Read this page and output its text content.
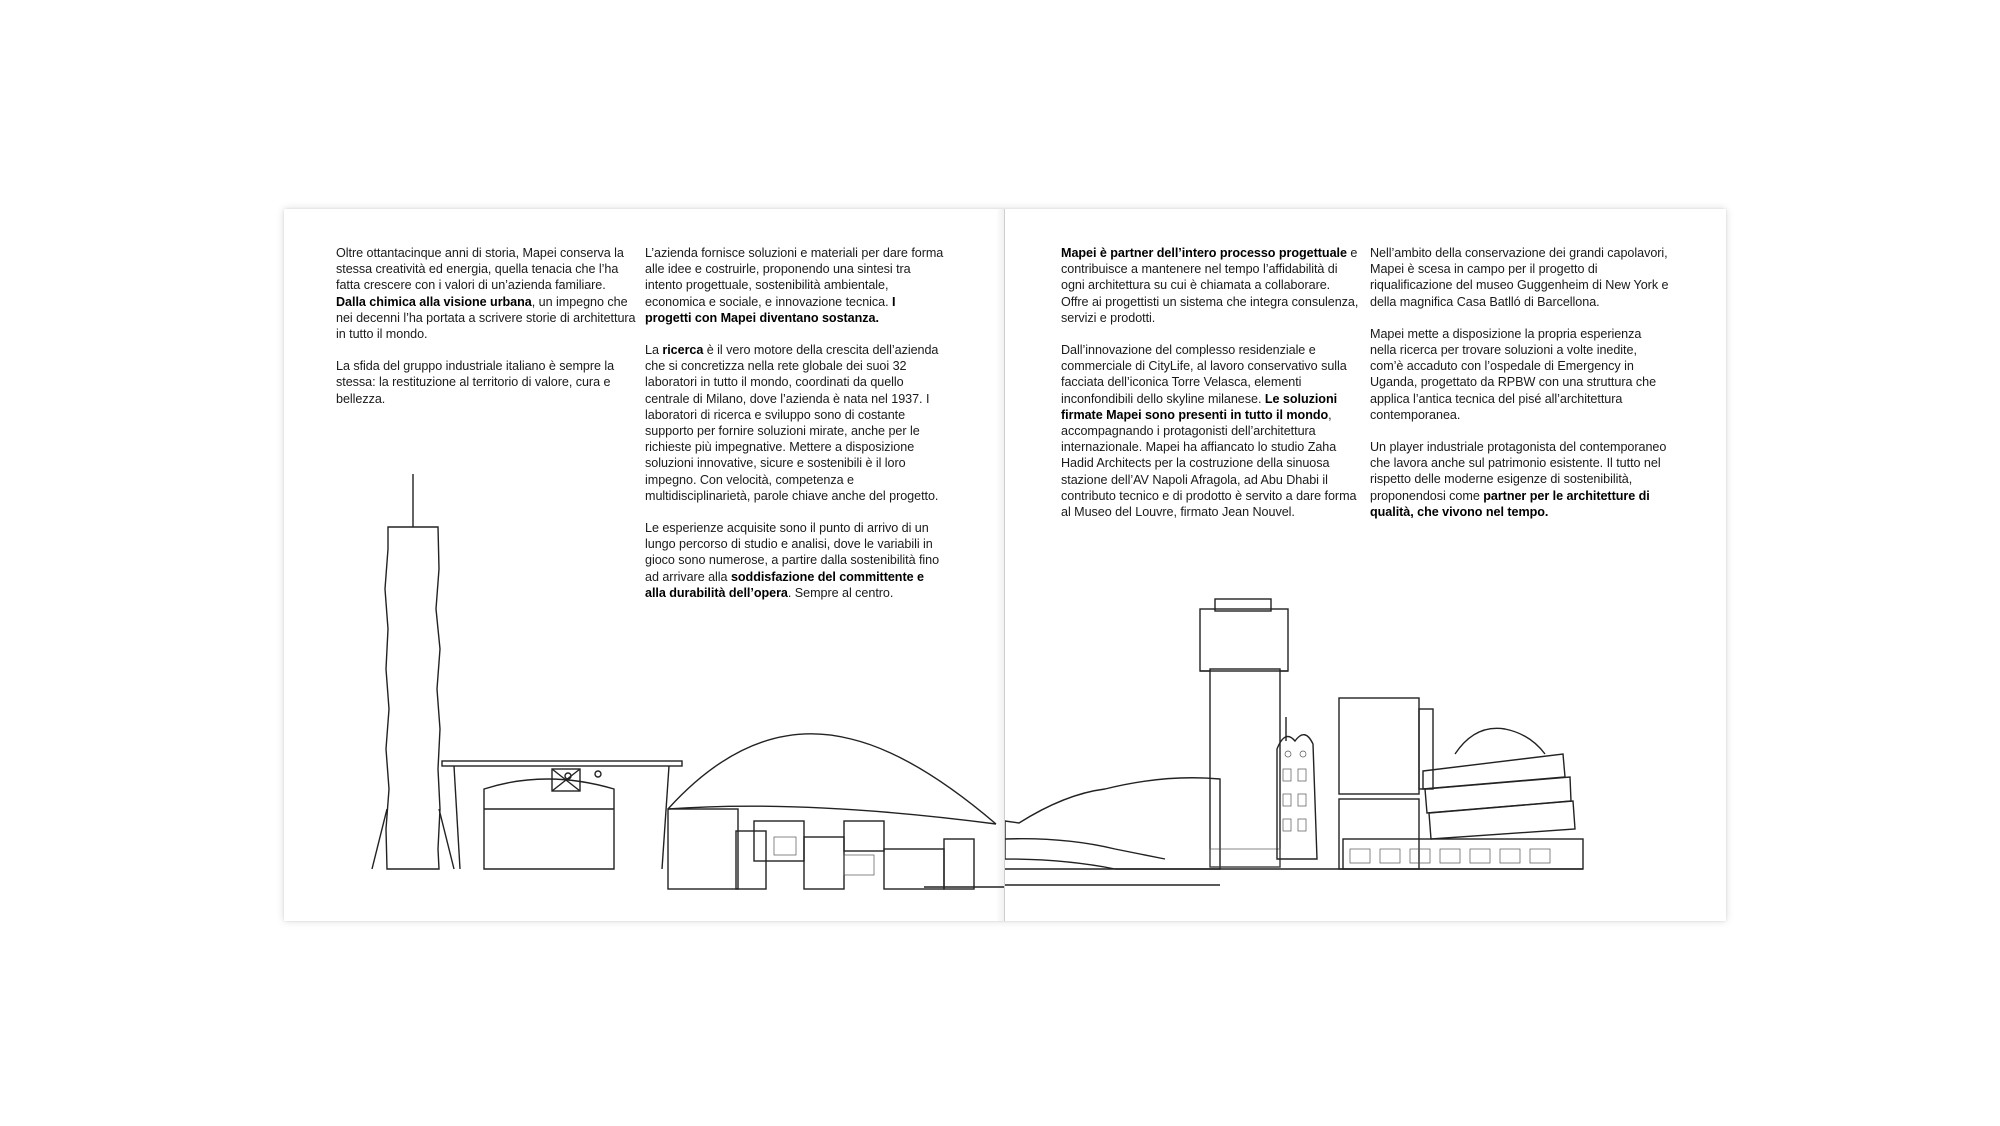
Oltre ottantacinque anni di storia, Mapei conserva la stessa creatività ed energia, quella tenacia che l’ha fatta crescere con i valori di un’azienda familiare. Dalla chimica alla visione urbana, un impegno che nei decenni l’ha portata a scrivere storie di architettura in tutto il mondo.

La sfida del gruppo industriale italiano è sempre la stessa: la restituzione al territorio di valore, cura e bellezza.

L’azienda fornisce soluzioni e materiali per dare forma alle idee e costruirle, proponendo una sintesi tra intento progettuale, sostenibilità ambientale, economica e sociale, e innovazione tecnica. I progetti con Mapei diventano sostanza.

La ricerca è il vero motore della crescita dell’azienda che si concretizza nella rete globale dei suoi 32 laboratori in tutto il mondo, coordinati da quello centrale di Milano, dove l’azienda è nata nel 1937. I laboratori di ricerca e sviluppo sono di costante supporto per fornire soluzioni mirate, anche per le richieste più impegnative. Mettere a disposizione soluzioni innovative, sicure e sostenibili è il loro impegno. Con velocità, competenza e multidisciplinarietà, parole chiave anche del progetto.

Le esperienze acquisite sono il punto di arrivo di un lungo percorso di studio e analisi, dove le variabili in gioco sono numerose, a partire dalla sostenibilità fino ad arrivare alla soddisfazione del committente e alla durabilità dell’opera. Sempre al centro.

Mapei è partner dell’intero processo progettuale e contribuisce a mantenere nel tempo l’affidabilità di ogni architettura su cui è chiamata a collaborare. Offre ai progettisti un sistema che integra consulenza, servizi e prodotti.

Dall’innovazione del complesso residenziale e commerciale di CityLife, al lavoro conservativo sulla facciata dell’iconica Torre Velasca, elementi inconfondibili dello skyline milanese. Le soluzioni firmate Mapei sono presenti in tutto il mondo, accompagnando i protagonisti dell’architettura internazionale. Mapei ha affiancato lo studio Zaha Hadid Architects per la costruzione della sinuosa stazione dell’AV Napoli Afragola, ad Abu Dhabi il contributo tecnico e di prodotto è servito a dare forma al Museo del Louvre, firmato Jean Nouvel.

Nell’ambito della conservazione dei grandi capolavori, Mapei è scesa in campo per il progetto di riqualificazione del museo Guggenheim di New York e della magnifica Casa Batlló di Barcellona.

Mapei mette a disposizione la propria esperienza nella ricerca per trovare soluzioni a volte inedite, com’è accaduto con l’ospedale di Emergency in Uganda, progettato da RPBW con una struttura che applica l’antica tecnica del pisé all’architettura contemporanea.

Un player industriale protagonista del contemporaneo che lavora anche sul patrimonio esistente. Il tutto nel rispetto delle moderne esigenze di sostenibilità, proponendosi come partner per le architetture di qualità, che vivono nel tempo.
